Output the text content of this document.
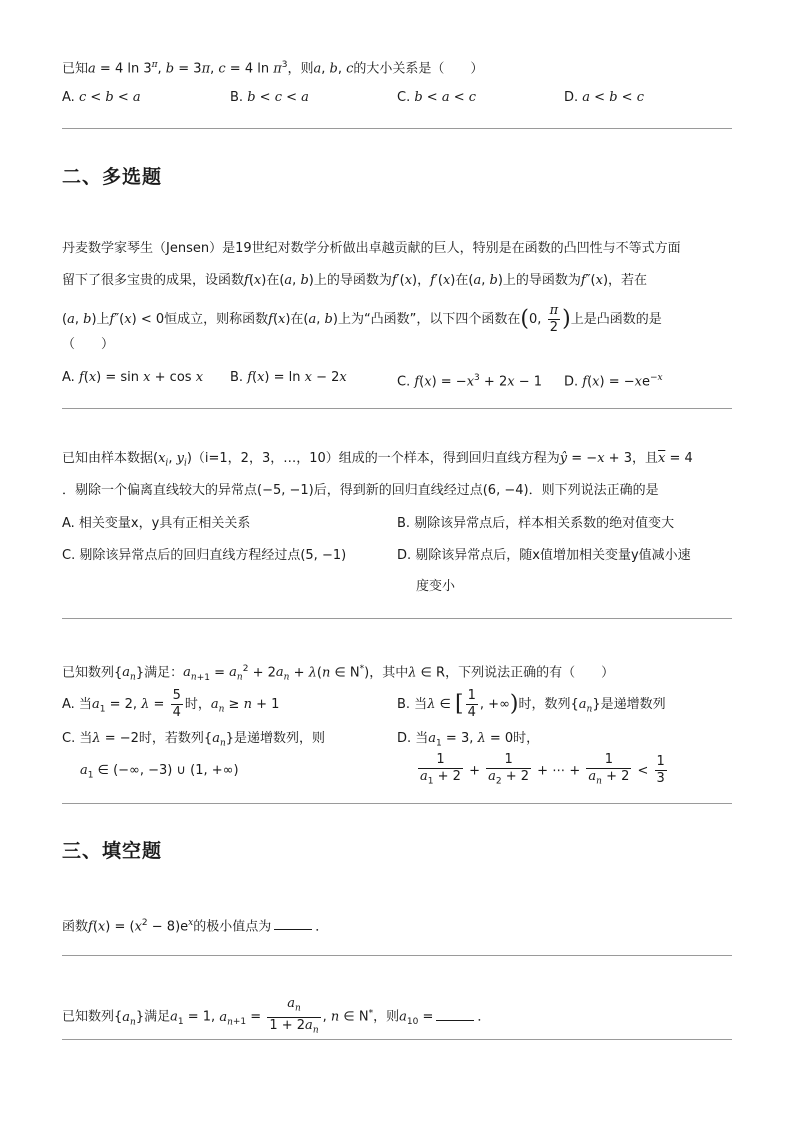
已知a = 4 $\ln 3^\pi$, b = 3π, c = 4 $\ln \pi^3$，则a, b, c的大小关系是（　　）
A. c < b < a	B. b < c < a	C. b < a < c	D. a < b < c
二、多选题
丹麦数学家琴生（Jensen）是19世纪对数学分析做出卓越贡献的巨人，特别是在函数的凸凹性与不等式方面
留下了很多宝贵的成果，设函数f(x)在(a, b)上的导函数为f′(x)，f′(x)在(a, b)上的导函数为f″(x)，若在
(a, b)上f″(x) < 0恒成立，则称函数f(x)在(a, b)上为“凸函数”，以下四个函数在(0, $\frac{\pi}{2}$ )上是凸函数的是
（　　）
A. f(x) = sin x + cos x B. f(x) = ln x − 2x	C. $f(x) = -x^3 + 2x - 1$ D. $f(x) = -xe^{-x}$
已知由样本数据($x_i$, $y_i)(i=1$，2，3，…，10）组成的一个样本，得到回归直线方程为ŷ = −x + 3，且$\overline{x} = 4$
．剔除一个偏离直线较大的异常点(−5, −1)后，得到新的回归直线经过点(6, −4)．则下列说法正确的是
A. 相关变量x，y具有正相关关系	B. 剔除该异常点后，样本相关系数的绝对值变大
C. 剔除该异常点后的回归直线方程经过点(5, −1)	D. 剔除该异常点后，随x值增加相关变量y值减小速
度变小
已知数列$\{a_n\}$满足：$a_{n+1} = a_n^2 + 2a_n + \lambda(n$ ∈ N*)，其中λ ∈ R，下列说法正确的有（　　）
A. 当$a_1 = 2$, $\lambda = \frac{5}{4}$ 时，$a_n \ge n + 1$	B. 当λ ∈ [ $\frac{1}{4}$ , +∞)时，数列$\{a_n\}$是递增数列
C. 当λ = −2时，若数列$\{a_n\}$是递增数列，则
$a_1$ ∈ (−∞, −3) ∪ (1, +∞)
D. 当$a_1 = 3$, λ = 0时，
$\frac{1}{a_1 + 2} + \frac{1}{a_2 + 2}$ + ⋯ + $\frac{1}{a_n + 2} < \frac{1}{3}$
三、填空题
函数$f(x) = (x^2 - 8)e^x$的极小值点为	．
已知数列$\{a_n\}$满足$a_1 = 1$, $a_{n+1} = \frac{a_n}{1 + 2a_n}$ , n ∈ N*，则$a_{10}$ =	．
